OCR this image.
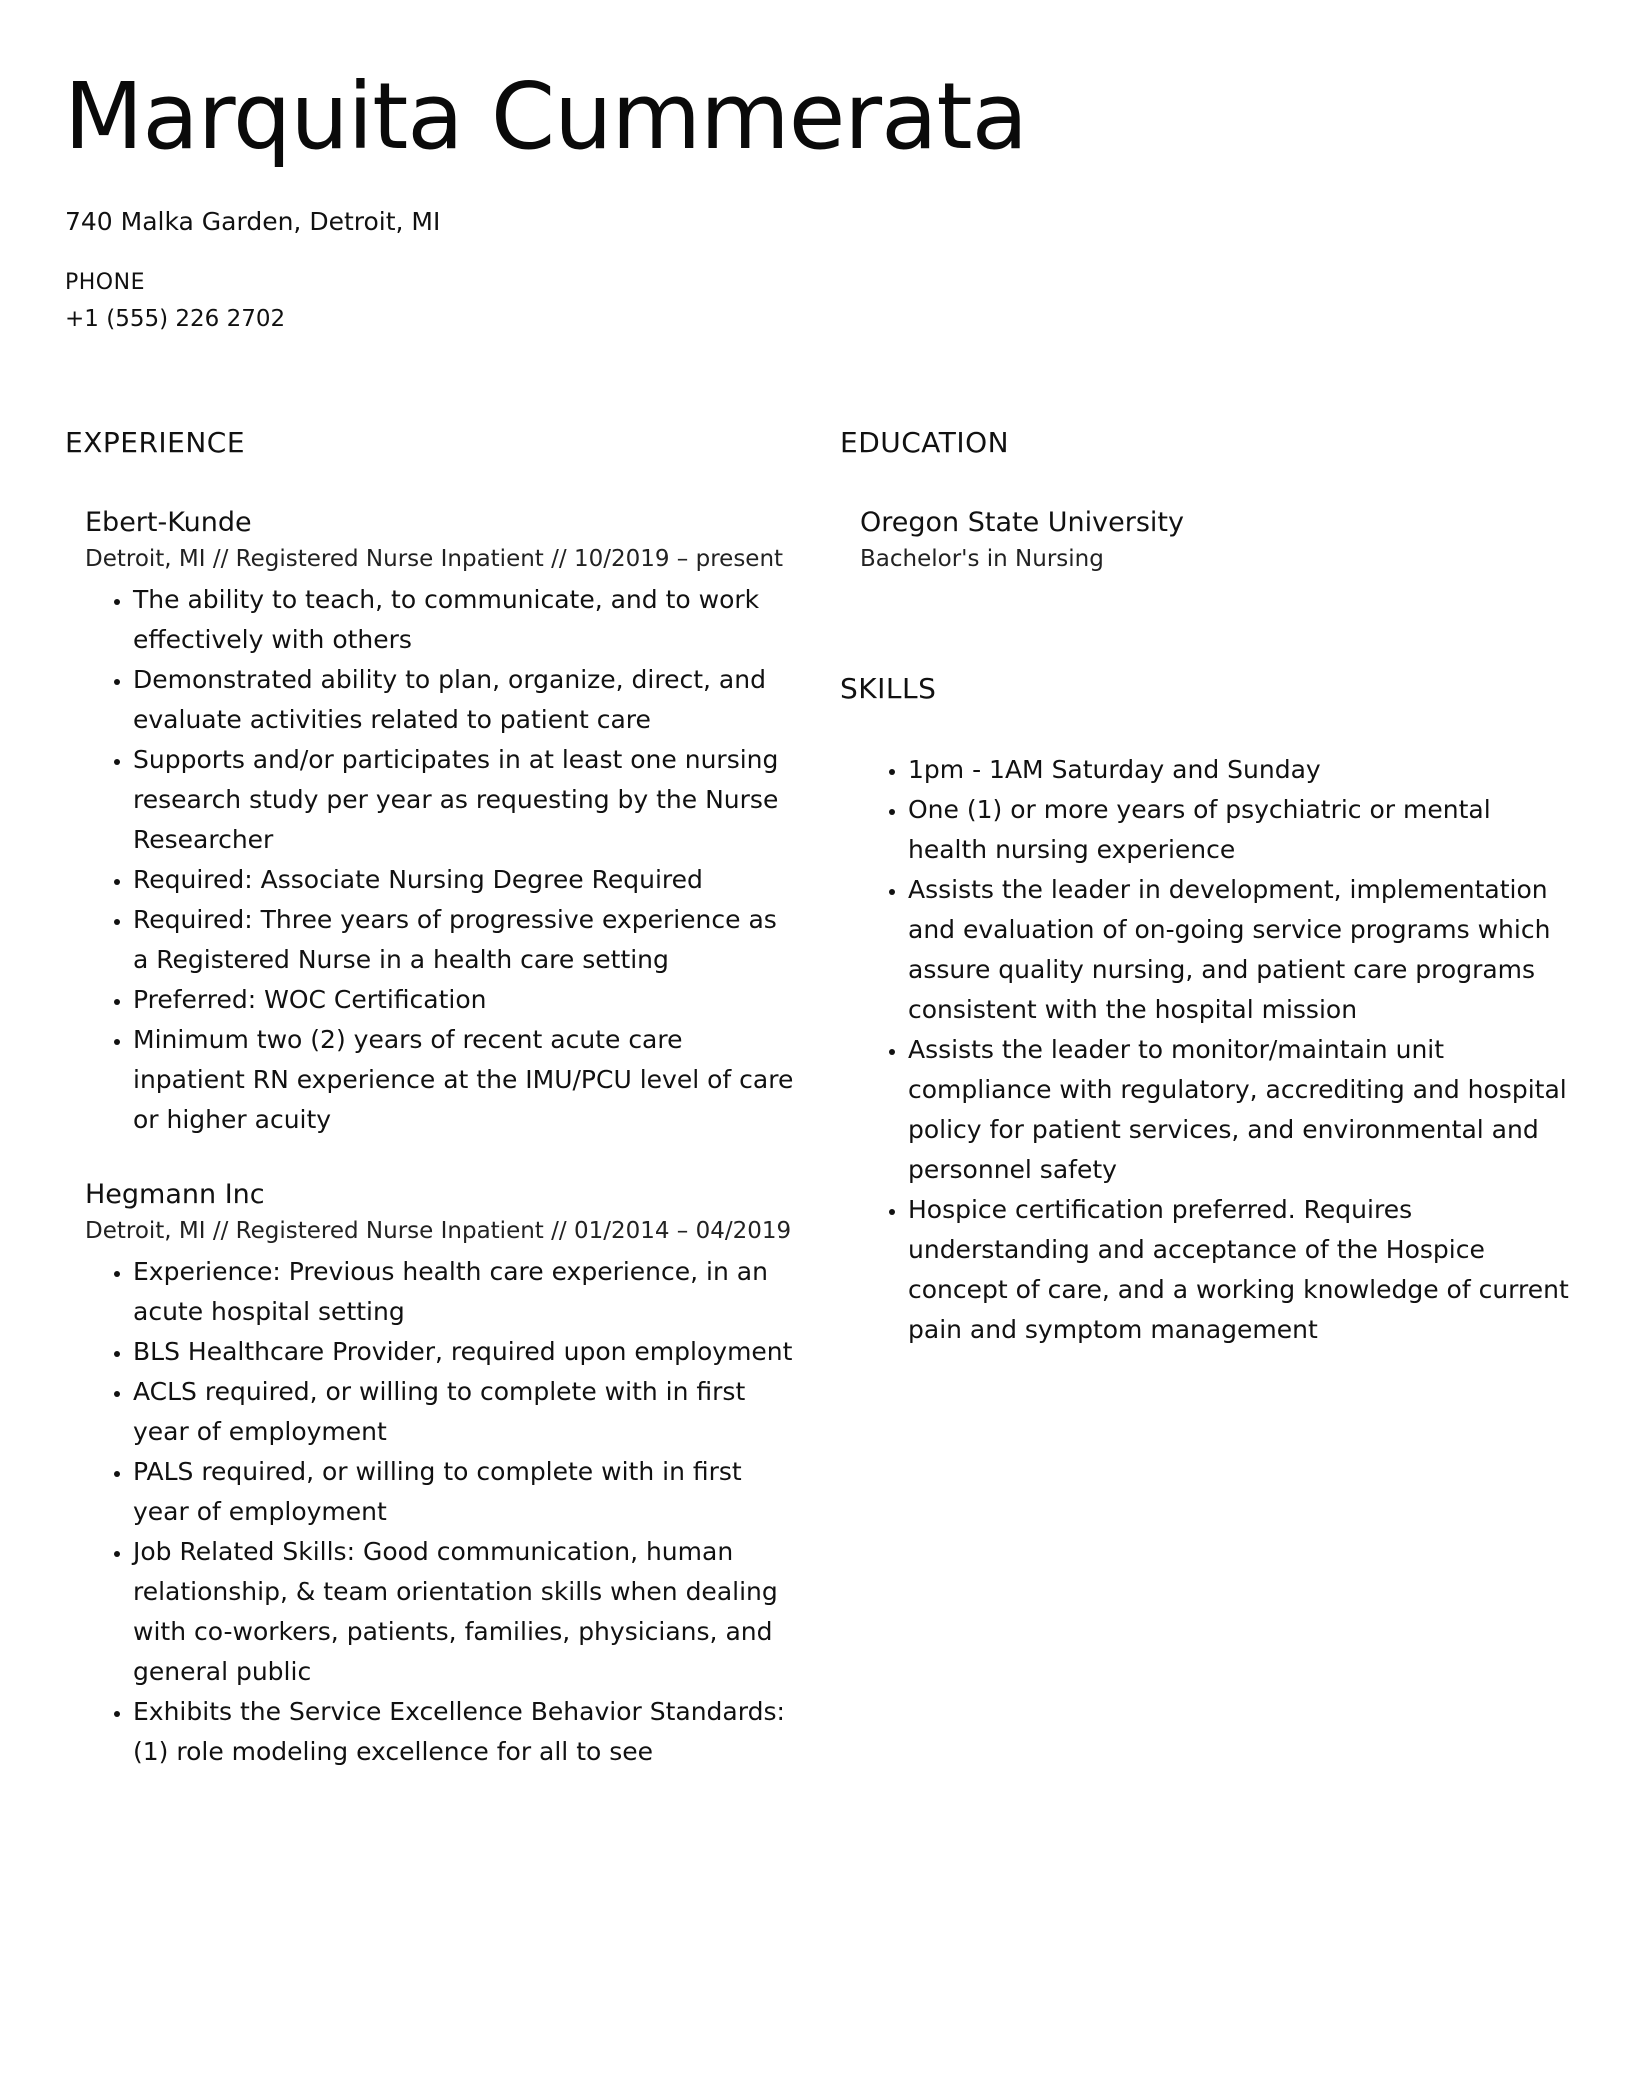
Marquita Cummerata
740 Malka Garden, Detroit, MI
PHONE
+1 (555) 226 2702
EXPERIENCE
Ebert-Kunde

Detroit, MI // Registered Nurse Inpatient // 10/2019 – present

• The ability to teach, to communicate, and to work effectively with others
• Demonstrated ability to plan, organize, direct, and evaluate activities related to patient care
• Supports and/or participates in at least one nursing research study per year as requesting by the Nurse Researcher
• Required: Associate Nursing Degree Required
• Required: Three years of progressive experience as a Registered Nurse in a health care setting
• Preferred: WOC Certification
• Minimum two (2) years of recent acute care inpatient RN experience at the IMU/PCU level of care or higher acuity
Hegmann Inc

Detroit, MI // Registered Nurse Inpatient // 01/2014 – 04/2019

• Experience: Previous health care experience, in an acute hospital setting
• BLS Healthcare Provider, required upon employment
• ACLS required, or willing to complete with in first year of employment
• PALS required, or willing to complete with in first year of employment
• Job Related Skills: Good communication, human relationship, & team orientation skills when dealing with co-workers, patients, families, physicians, and general public
• Exhibits the Service Excellence Behavior Standards: (1) role modeling excellence for all to see
EDUCATION
Oregon State University

Bachelor's in Nursing

SKILLS
• 1pm - 1AM Saturday and Sunday
• One (1) or more years of psychiatric or mental health nursing experience
• Assists the leader in development, implementation and evaluation of on-going service programs which assure quality nursing, and patient care programs consistent with the hospital mission
• Assists the leader to monitor/maintain unit compliance with regulatory, accrediting and hospital policy for patient services, and environmental and personnel safety
• Hospice certification preferred. Requires understanding and acceptance of the Hospice concept of care, and a working knowledge of current pain and symptom management
